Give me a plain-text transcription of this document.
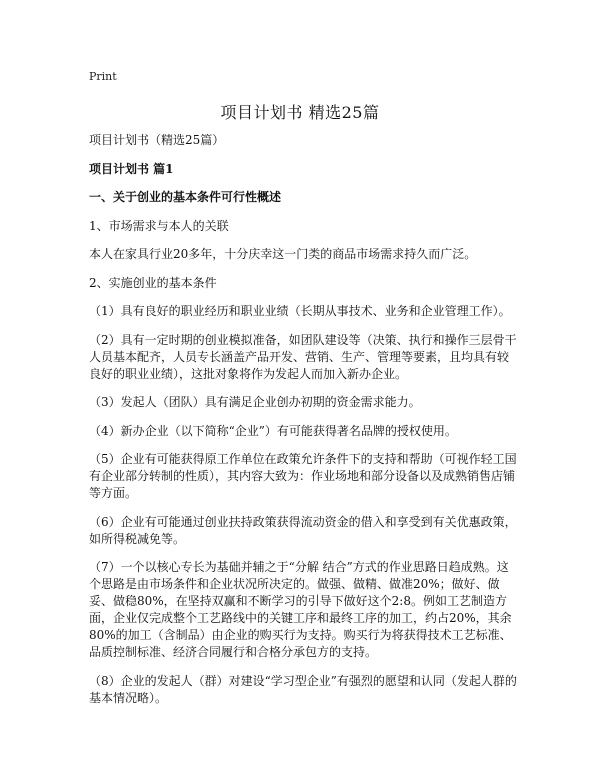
Print
项目计划书 精选25篇

项目计划书（精选25篇）

项目计划书 篇1

一、关于创业的基本条件可行性概述

1、市场需求与本人的关联

本人在家具行业20多年，十分庆幸这一门类的商品市场需求持久而广泛。

2、实施创业的基本条件

（1）具有良好的职业经历和职业业绩（长期从事技术、业务和企业管理工作）。

（2）具有一定时期的创业模拟准备，如团队建设等（决策、执行和操作三层骨干人员基本配齐，人员专长涵盖产品开发、营销、生产、管理等要素，且均具有较良好的职业业绩），这批对象将作为发起人而加入新办企业。

（3）发起人（团队）具有满足企业创办初期的资金需求能力。

（4）新办企业（以下简称“企业”）有可能获得著名品牌的授权使用。

（5）企业有可能获得原工作单位在政策允许条件下的支持和帮助（可视作轻工国有企业部分转制的性质），其内容大致为：作业场地和部分设备以及成熟销售店铺等方面。

（6）企业有可能通过创业扶持政策获得流动资金的借入和享受到有关优惠政策，如所得税减免等。

（7）一个以核心专长为基础并辅之于“分解 结合”方式的作业思路日趋成熟。这个思路是由市场条件和企业状况所决定的。做强、做精、做准20%；做好、做妥、做稳80%，在坚持双赢和不断学习的引导下做好这个2:8。例如工艺制造方面，企业仅完成整个工艺路线中的关键工序和最终工序的加工，约占20%，其余80%的加工（含制品）由企业的购买行为支持。购买行为将获得技术工艺标准、品质控制标准、经济合同履行和合格分承包方的支持。

（8）企业的发起人（群）对建设“学习型企业”有强烈的愿望和认同（发起人群的基本情况略）。
